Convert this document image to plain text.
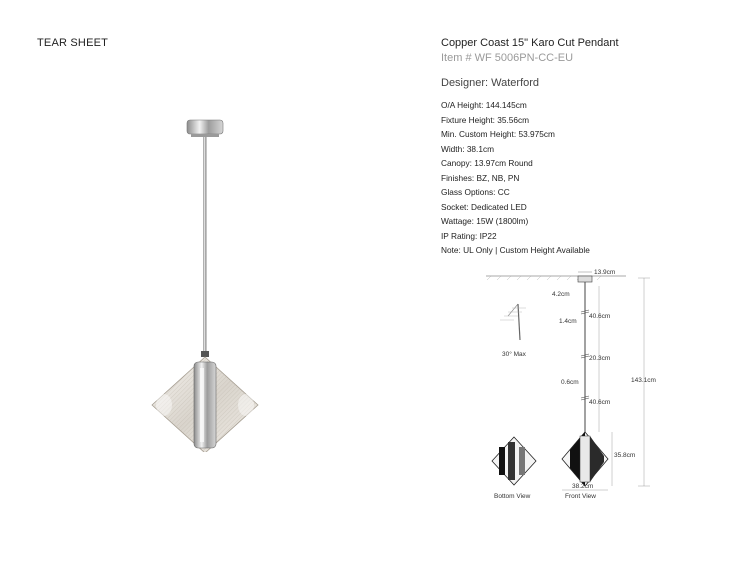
TEAR SHEET	Copper Coast 15" Karo Cut Pendant
Item # WF 5006PN-CC-EU
Designer: Waterford
O/A Height: 144.145cm
Fixture Height: 35.56cm
Min. Custom Height: 53.975cm
Width: 38.1cm
Canopy: 13.97cm Round
Finishes: BZ, NB, PN
Glass Options: CC
Socket: Dedicated LED
Wattage: 15W (1800lm)
IP Rating: IP22
Note: UL Only | Custom Height Available
13.9cm
4.2cm
40.6cm
1.4cm
20.3cm
0.6cm
40.6cm
143.1cm
35.8cm
38.2cm
Front View
Bottom View
30° Max
